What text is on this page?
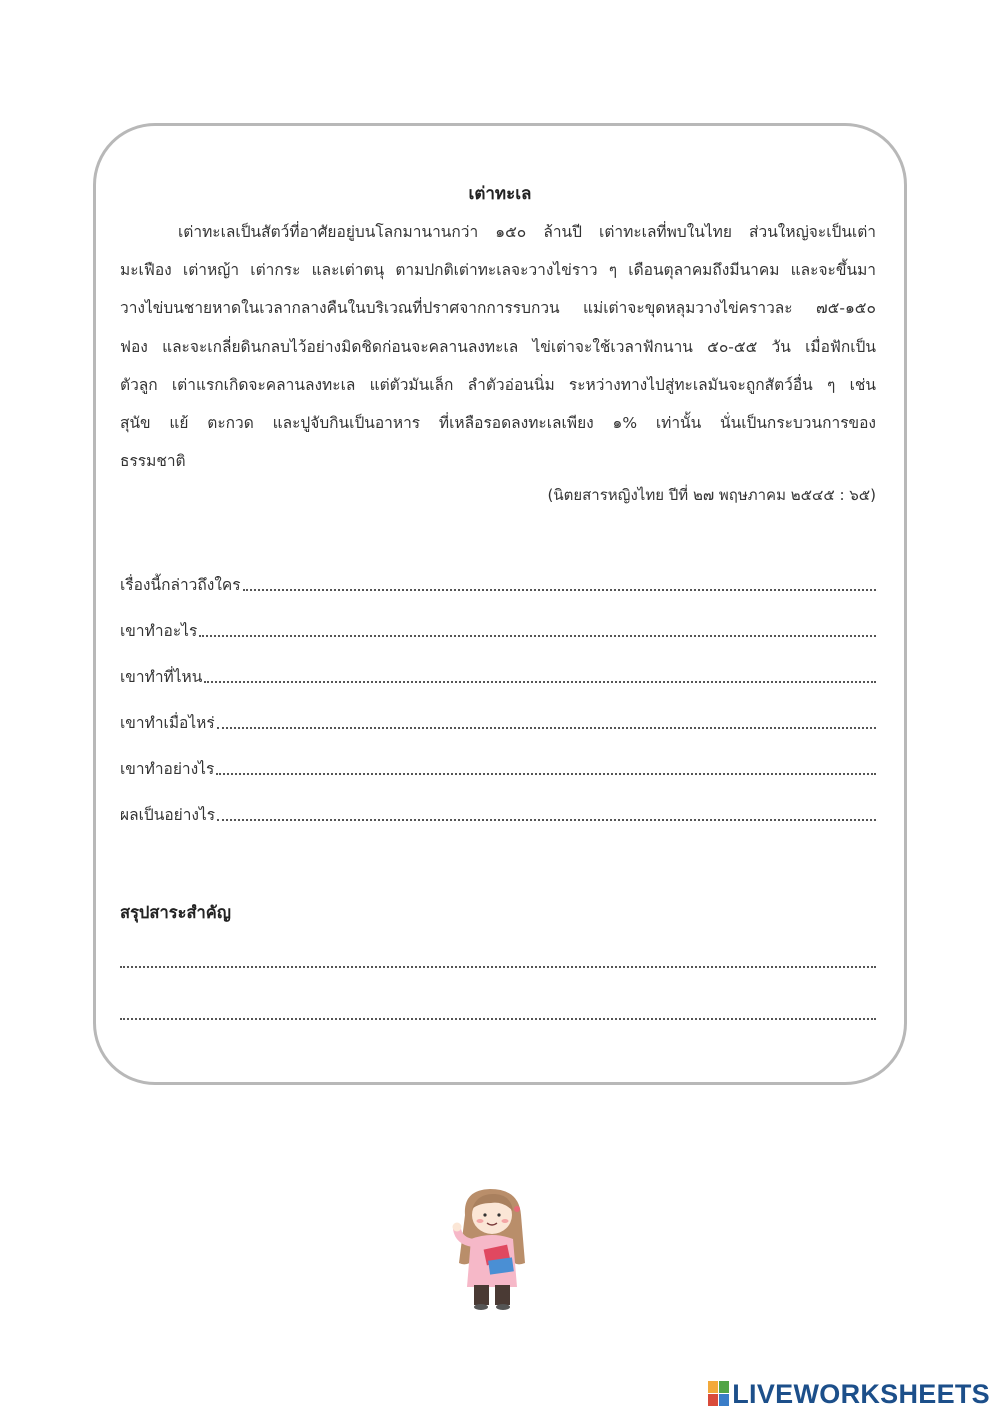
เต่าทะเล
เต่าทะเลเป็นสัตว์ที่อาศัยอยู่บนโลกมานานกว่า ๑๕๐ ล้านปี เต่าทะเลที่พบในไทย ส่วนใหญ่จะเป็นเต่า
มะเฟือง เต่าหญ้า เต่ากระ และเต่าตนุ ตามปกติเต่าทะเลจะวางไข่ราว ๆ เดือนตุลาคมถึงมีนาคม และจะขึ้นมา
วางไข่บนชายหาดในเวลากลางคืนในบริเวณที่ปราศจากการรบกวน แม่เต่าจะขุดหลุมวางไข่คราวละ ๗๕-๑๕๐
ฟอง และจะเกลี่ยดินกลบไว้อย่างมิดชิดก่อนจะคลานลงทะเล ไข่เต่าจะใช้เวลาฟักนาน ๕๐-๕๕ วัน เมื่อฟักเป็น
ตัวลูก เต่าแรกเกิดจะคลานลงทะเล แต่ตัวมันเล็ก ลำตัวอ่อนนิ่ม ระหว่างทางไปสู่ทะเลมันจะถูกสัตว์อื่น ๆ เช่น
สุนัข แย้ ตะกวด และปูจับกินเป็นอาหาร ที่เหลือรอดลงทะเลเพียง ๑% เท่านั้น นั่นเป็นกระบวนการของ
ธรรมชาติ
(นิตยสารหญิงไทย ปีที่ ๒๗ พฤษภาคม ๒๕๔๕ : ๖๕)
เรื่องนี้กล่าวถึงใคร
เขาทำอะไร
เขาทำที่ไหน
เขาทำเมื่อไหร่
เขาทำอย่างไร
ผลเป็นอย่างไร
สรุปสาระสำคัญ
LIVEWORKSHEETS
